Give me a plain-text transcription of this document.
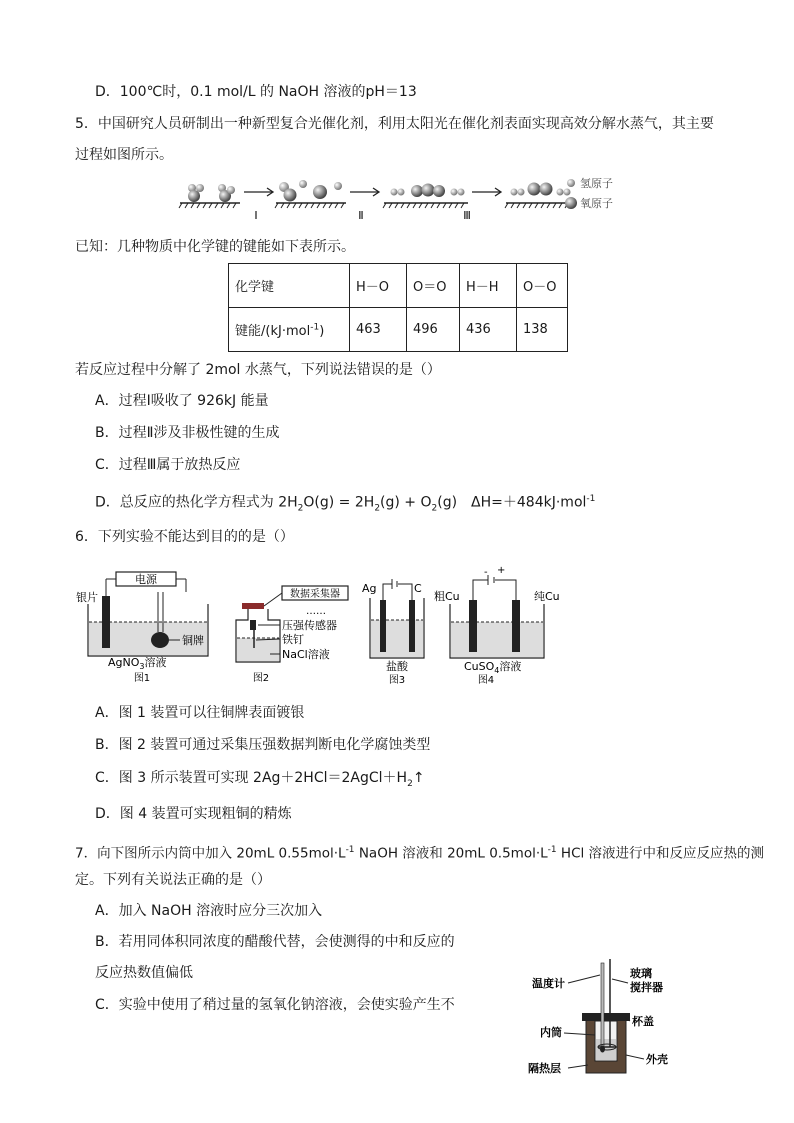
D．100℃时，0.1 mol/L 的 NaOH 溶液的pH＝13
5．中国研究人员研制出一种新型复合光催化剂，利用太阳光在催化剂表面实现高效分解水蒸气，其主要
过程如图所示。
Ⅰ	Ⅱ	Ⅲ
氢原子
氧原子
已知：几种物质中化学键的键能如下表所示。
化学键	H－O	O＝O	H－H	O－O
键能/(kJ·mol$^{-1}$)	463	496	436	138
若反应过程中分解了 2mol 水蒸气，下列说法错误的是（）
A．过程Ⅰ吸收了 926kJ 能量
B．过程Ⅱ涉及非极性键的生成
C．过程Ⅲ属于放热反应
D．总反应的热化学方程式为 $2H_2O(g) = 2H_2(g) + O_2(g)$　ΔH=＋484kJ·mol$^{-1}$
6．下列实验不能达到目的的是（）
电源
银片
铜牌
AgNO$_3$溶液
图1
数据采集器
……
压强传感器
铁钉
NaCl溶液
图2
Ag	C
盐酸
图3
- +
粗Cu	纯Cu
CuSO$_4$溶液
图4
A．图 1 装置可以往铜牌表面镀银
B．图 2 装置可通过采集压强数据判断电化学腐蚀类型
C．图 3 所示装置可实现 $2Ag+2HCl=2AgCl+H_2↑$
D．图 4 装置可实现粗铜的精炼
7．向下图所示内筒中加入 20mL $0.55mol\cdot L^{-1}$ NaOH 溶液和 20mL $0.5mol\cdot L^{-1}$ HCl 溶液进行中和反应反应热的测
定。下列有关说法正确的是（）
A．加入 NaOH 溶液时应分三次加入
B．若用同体积同浓度的醋酸代替，会使测得的中和反应的
反应热数值偏低
C．实验中使用了稍过量的氢氧化钠溶液，会使实验产生不
温度计
玻璃
搅拌器
杯盖
内筒
外壳
隔热层
